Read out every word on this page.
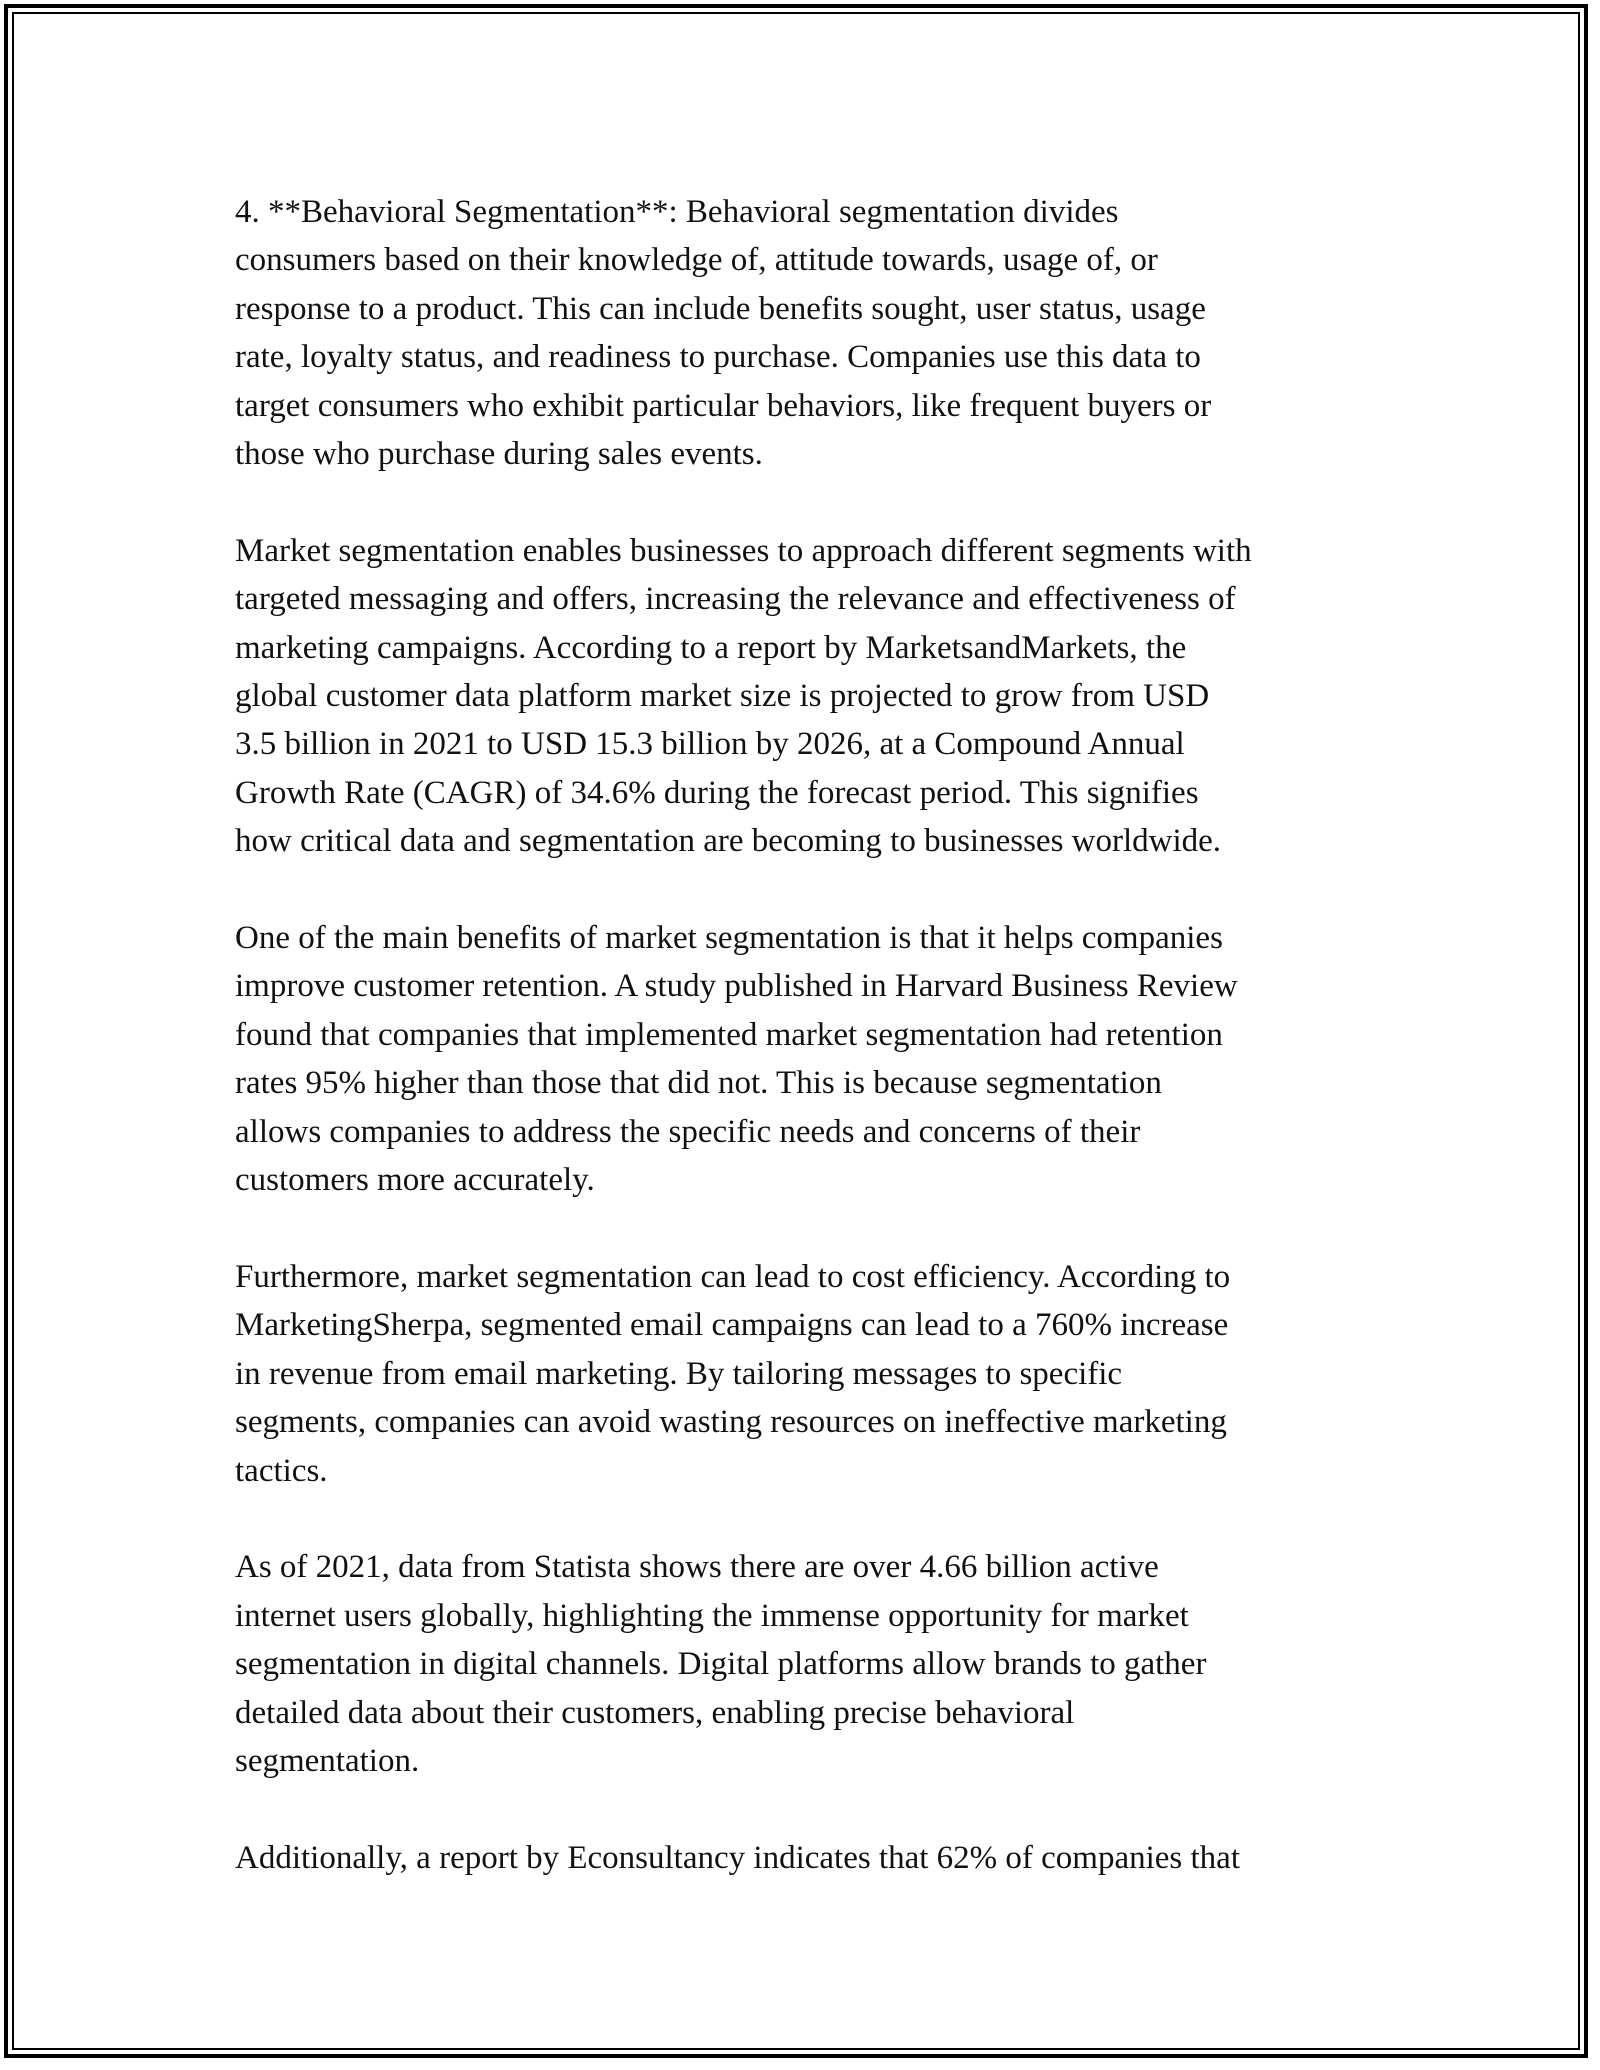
4. **Behavioral Segmentation**: Behavioral segmentation divides
consumers based on their knowledge of, attitude towards, usage of, or
response to a product. This can include benefits sought, user status, usage
rate, loyalty status, and readiness to purchase. Companies use this data to
target consumers who exhibit particular behaviors, like frequent buyers or
those who purchase during sales events.

Market segmentation enables businesses to approach different segments with
targeted messaging and offers, increasing the relevance and effectiveness of
marketing campaigns. According to a report by MarketsandMarkets, the
global customer data platform market size is projected to grow from USD
3.5 billion in 2021 to USD 15.3 billion by 2026, at a Compound Annual
Growth Rate (CAGR) of 34.6% during the forecast period. This signifies
how critical data and segmentation are becoming to businesses worldwide.

One of the main benefits of market segmentation is that it helps companies
improve customer retention. A study published in Harvard Business Review
found that companies that implemented market segmentation had retention
rates 95% higher than those that did not. This is because segmentation
allows companies to address the specific needs and concerns of their
customers more accurately.

Furthermore, market segmentation can lead to cost efficiency. According to
MarketingSherpa, segmented email campaigns can lead to a 760% increase
in revenue from email marketing. By tailoring messages to specific
segments, companies can avoid wasting resources on ineffective marketing
tactics.

As of 2021, data from Statista shows there are over 4.66 billion active
internet users globally, highlighting the immense opportunity for market
segmentation in digital channels. Digital platforms allow brands to gather
detailed data about their customers, enabling precise behavioral
segmentation.

Additionally, a report by Econsultancy indicates that 62% of companies that
